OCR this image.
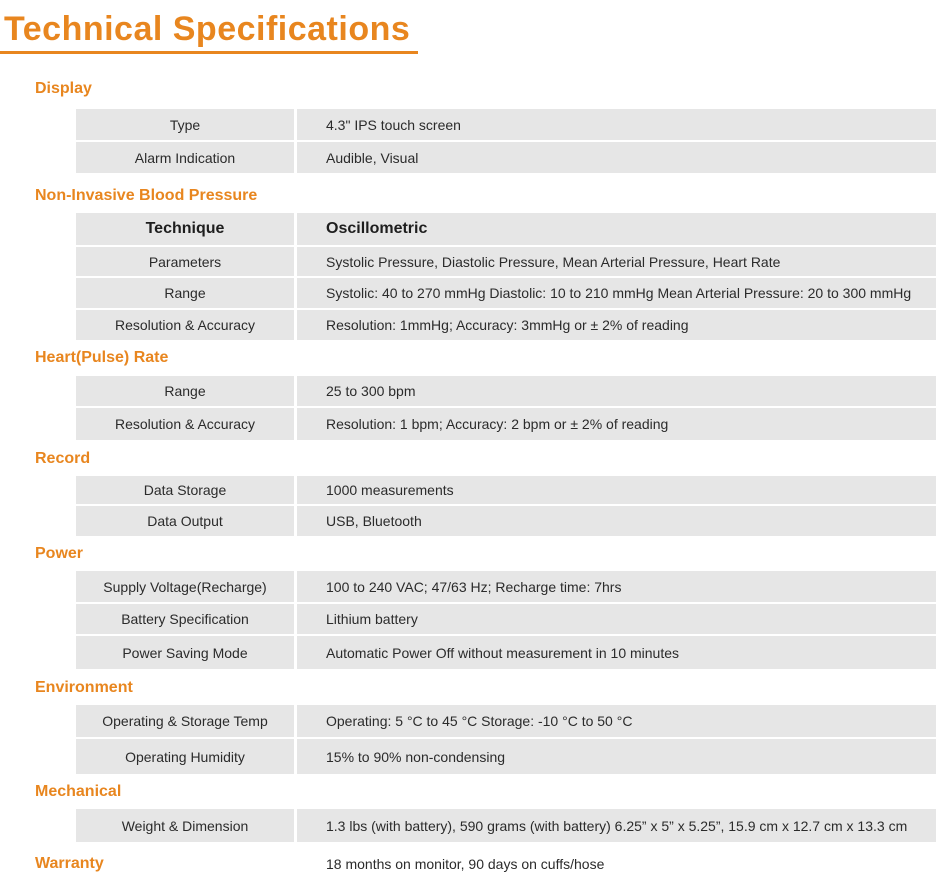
Technical Specifications
Display
Type	4.3" IPS touch screen
Alarm Indication	Audible, Visual
Non-Invasive Blood Pressure
Technique	Oscillometric
Parameters	Systolic Pressure, Diastolic Pressure, Mean Arterial Pressure, Heart Rate
Range	Systolic: 40 to 270 mmHg Diastolic: 10 to 210 mmHg Mean Arterial Pressure: 20 to 300 mmHg
Resolution & Accuracy	Resolution: 1mmHg; Accuracy: 3mmHg or ± 2% of reading
Heart(Pulse) Rate
Range	25 to 300 bpm
Resolution & Accuracy	Resolution: 1 bpm; Accuracy: 2 bpm or ± 2% of reading
Record
Data Storage	1000 measurements
Data Output	USB, Bluetooth
Power
Supply Voltage(Recharge)	100 to 240 VAC; 47/63 Hz; Recharge time: 7hrs
Battery Specification	Lithium battery
Power Saving Mode	Automatic Power Off without measurement in 10 minutes
Environment
Operating & Storage Temp	Operating: 5 °C to 45 °C Storage: -10 °C to 50 °C
Operating Humidity	15% to 90% non-condensing
Mechanical
Weight & Dimension	1.3 lbs (with battery), 590 grams (with battery) 6.25” x 5” x 5.25”, 15.9 cm x 12.7 cm x 13.3 cm
Warranty	18 months on monitor, 90 days on cuffs/hose
